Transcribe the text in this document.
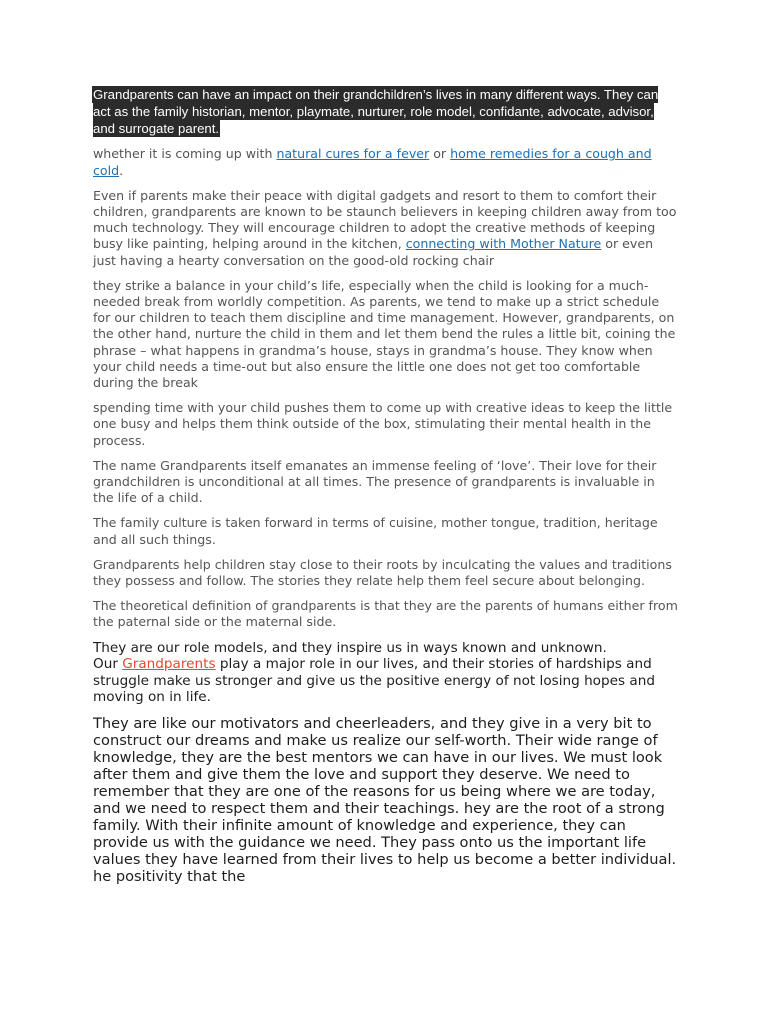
Grandparents can have an impact on their grandchildren’s lives in many different ways. They can act as the family historian, mentor, playmate, nurturer, role model, confidante, advocate, advisor, and surrogate parent.

whether it is coming up with natural cures for a fever or home remedies for a cough and cold.

Even if parents make their peace with digital gadgets and resort to them to comfort their children, grandparents are known to be staunch believers in keeping children away from too much technology. They will encourage children to adopt the creative methods of keeping busy like painting, helping around in the kitchen, connecting with Mother Nature or even just having a hearty conversation on the good-old rocking chair

they strike a balance in your child’s life, especially when the child is looking for a much-needed break from worldly competition. As parents, we tend to make up a strict schedule for our children to teach them discipline and time management. However, grandparents, on the other hand, nurture the child in them and let them bend the rules a little bit, coining the phrase – what happens in grandma’s house, stays in grandma’s house. They know when your child needs a time-out but also ensure the little one does not get too comfortable during the break

spending time with your child pushes them to come up with creative ideas to keep the little one busy and helps them think outside of the box, stimulating their mental health in the process.

The name Grandparents itself emanates an immense feeling of ‘love’. Their love for their grandchildren is unconditional at all times. The presence of grandparents is invaluable in the life of a child.

The family culture is taken forward in terms of cuisine, mother tongue, tradition, heritage and all such things.

Grandparents help children stay close to their roots by inculcating the values and traditions they possess and follow. The stories they relate help them feel secure about belonging.

The theoretical definition of grandparents is that they are the parents of humans either from the paternal side or the maternal side.

They are our role models, and they inspire us in ways known and unknown.
Our Grandparents play a major role in our lives, and their stories of hardships and struggle make us stronger and give us the positive energy of not losing hopes and moving on in life.

They are like our motivators and cheerleaders, and they give in a very bit to construct our dreams and make us realize our self-worth. Their wide range of knowledge, they are the best mentors we can have in our lives. We must look after them and give them the love and support they deserve. We need to remember that they are one of the reasons for us being where we are today, and we need to respect them and their teachings. hey are the root of a strong family. With their infinite amount of knowledge and experience, they can provide us with the guidance we need. They pass onto us the important life values they have learned from their lives to help us become a better individual. he positivity that the
